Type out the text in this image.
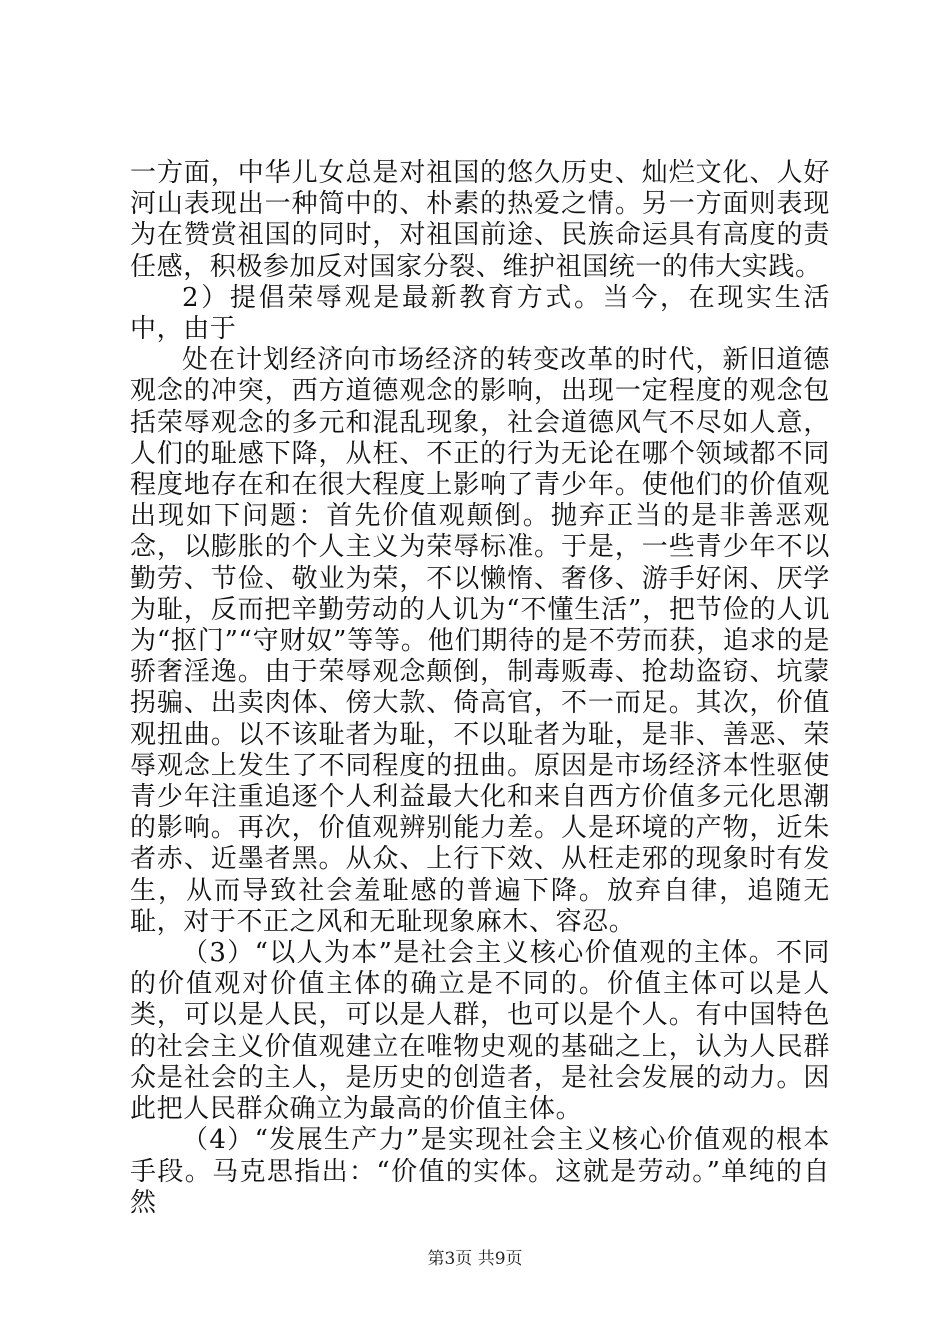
一方面，中华儿女总是对祖国的悠久历史、灿烂文化、人好河山表现出一种简中的、朴素的热爱之情。另一方面则表现为在赞赏祖国的同时，对祖国前途、民族命运具有高度的责任感，积极参加反对国家分裂、维护祖国统一的伟大实践。

2）提倡荣辱观是最新教育方式。当今，在现实生活中，由于

处在计划经济向市场经济的转变改革的时代，新旧道德观念的冲突，西方道德观念的影响，出现一定程度的观念包括荣辱观念的多元和混乱现象，社会道德风气不尽如人意，人们的耻感下降，从枉、不正的行为无论在哪个领域都不同程度地存在和在很大程度上影响了青少年。使他们的价值观出现如下问题：首先价值观颠倒。抛弃正当的是非善恶观念，以膨胀的个人主义为荣辱标准。于是，一些青少年不以勤劳、节俭、敬业为荣，不以懒惰、奢侈、游手好闲、厌学为耻，反而把辛勤劳动的人讥为“不懂生活”，把节俭的人讥为“抠门”“守财奴”等等。他们期待的是不劳而获，追求的是骄奢淫逸。由于荣辱观念颠倒，制毒贩毒、抢劫盗窃、坑蒙拐骗、出卖肉体、傍大款、倚高官，不一而足。其次，价值观扭曲。以不该耻者为耻，不以耻者为耻，是非、善恶、荣辱观念上发生了不同程度的扭曲。原因是市场经济本性驱使青少年注重追逐个人利益最大化和来自西方价值多元化思潮的影响。再次，价值观辨别能力差。人是环境的产物，近朱者赤、近墨者黑。从众、上行下效、从枉走邪的现象时有发生，从而导致社会羞耻感的普遍下降。放弃自律，追随无耻，对于不正之风和无耻现象麻木、容忍。

（3）“以人为本”是社会主义核心价值观的主体。不同的价值观对价值主体的确立是不同的。价值主体可以是人类，可以是人民，可以是人群，也可以是个人。有中国特色的社会主义价值观建立在唯物史观的基础之上，认为人民群众是社会的主人，是历史的创造者，是社会发展的动力。因此把人民群众确立为最高的价值主体。

（4）“发展生产力”是实现社会主义核心价值观的根本手段。马克思指出：“价值的实体。这就是劳动。”单纯的自然

第3页 共9页
